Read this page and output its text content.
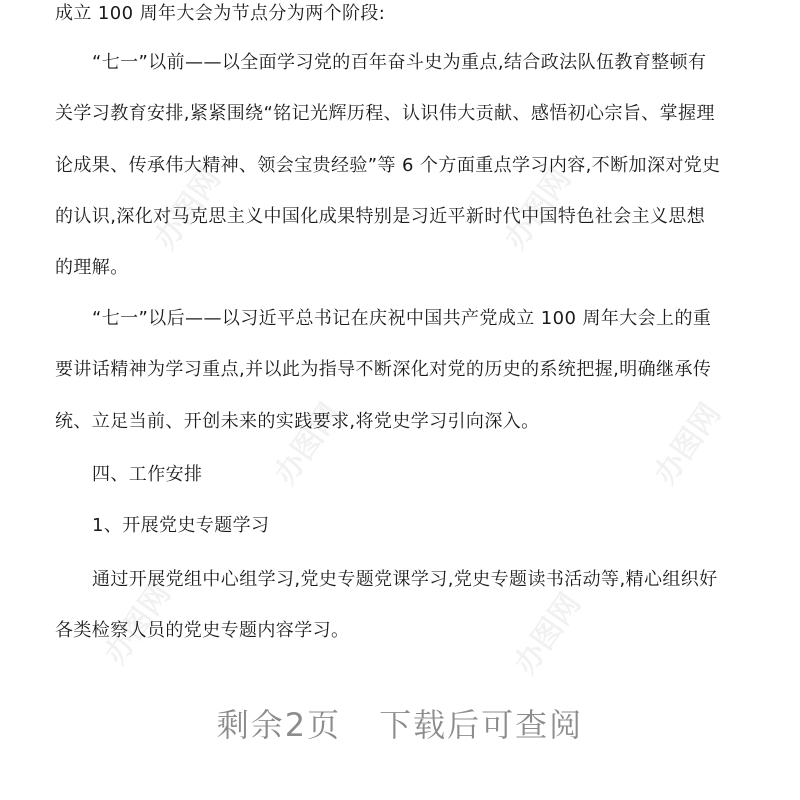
办图网	办图网
办图网	办图网
办图网	办图网
成立 100 周年大会为节点分为两个阶段:
“七一”以前——以全面学习党的百年奋斗史为重点,结合政法队伍教育整顿有
关学习教育安排,紧紧围绕“铭记光辉历程、认识伟大贡献、感悟初心宗旨、掌握理
论成果、传承伟大精神、领会宝贵经验”等 6 个方面重点学习内容,不断加深对党史
的认识,深化对马克思主义中国化成果特别是习近平新时代中国特色社会主义思想
的理解。
“七一”以后——以习近平总书记在庆祝中国共产党成立 100 周年大会上的重
要讲话精神为学习重点,并以此为指导不断深化对党的历史的系统把握,明确继承传
统、立足当前、开创未来的实践要求,将党史学习引向深入。
四、工作安排
1、开展党史专题学习
通过开展党组中心组学习,党史专题党课学习,党史专题读书活动等,精心组织好
各类检察人员的党史专题内容学习。
剩余2页 下载后可查阅
